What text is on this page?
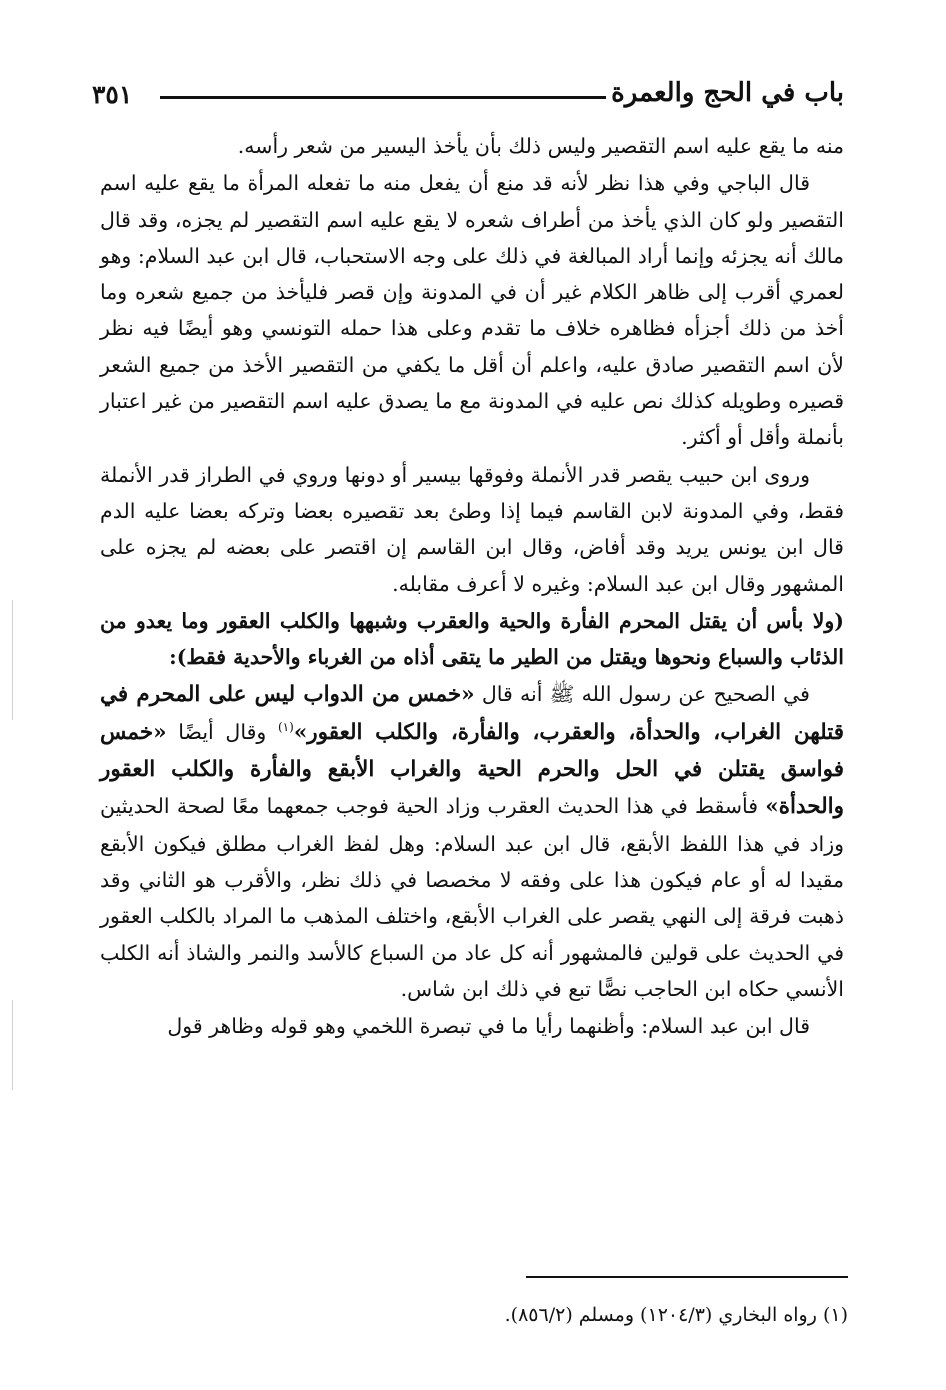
باب في الحج والعمرة
٣٥١

منه ما يقع عليه اسم التقصير وليس ذلك بأن يأخذ اليسير من شعر رأسه.

قال الباجي وفي هذا نظر لأنه قد منع أن يفعل منه ما تفعله المرأة ما يقع عليه اسم التقصير ولو كان الذي يأخذ من أطراف شعره لا يقع عليه اسم التقصير لم يجزه، وقد قال مالك أنه يجزئه وإنما أراد المبالغة في ذلك على وجه الاستحباب، قال ابن عبد السلام: وهو لعمري أقرب إلى ظاهر الكلام غير أن في المدونة وإن قصر فليأخذ من جميع شعره وما أخذ من ذلك أجزأه فظاهره خلاف ما تقدم وعلى هذا حمله التونسي وهو أيضًا فيه نظر لأن اسم التقصير صادق عليه، واعلم أن أقل ما يكفي من التقصير الأخذ من جميع الشعر قصيره وطويله كذلك نص عليه في المدونة مع ما يصدق عليه اسم التقصير من غير اعتبار بأنملة وأقل أو أكثر.

وروى ابن حبيب يقصر قدر الأنملة وفوقها بيسير أو دونها وروي في الطراز قدر الأنملة فقط، وفي المدونة لابن القاسم فيما إذا وطئ بعد تقصيره بعضا وتركه بعضا عليه الدم قال ابن يونس يريد وقد أفاض، وقال ابن القاسم إن اقتصر على بعضه لم يجزه على المشهور وقال ابن عبد السلام: وغيره لا أعرف مقابله.

(ولا بأس أن يقتل المحرم الفأرة والحية والعقرب وشبهها والكلب العقور وما يعدو من الذئاب والسباع ونحوها ويقتل من الطير ما يتقى أذاه من الغرباء والأحدية فقط):

في الصحيح عن رسول الله ﷺ أنه قال «خمس من الدواب ليس على المحرم في قتلهن الغراب، والحدأة، والعقرب، والفأرة، والكلب العقور»$^{(١)}$ وقال أيضًا «خمس فواسق يقتلن في الحل والحرم الحية والغراب الأبقع والفأرة والكلب العقور والحدأة» فأسقط في هذا الحديث العقرب وزاد الحية فوجب جمعهما معًا لصحة الحديثين وزاد في هذا اللفظ الأبقع، قال ابن عبد السلام: وهل لفظ الغراب مطلق فيكون الأبقع مقيدا له أو عام فيكون هذا على وفقه لا مخصصا في ذلك نظر، والأقرب هو الثاني وقد ذهبت فرقة إلى النهي يقصر على الغراب الأبقع، واختلف المذهب ما المراد بالكلب العقور في الحديث على قولين فالمشهور أنه كل عاد من السباع كالأسد والنمر والشاذ أنه الكلب الأنسي حكاه ابن الحاجب نصًّا تبع في ذلك ابن شاس.

قال ابن عبد السلام: وأظنهما رأيا ما في تبصرة اللخمي وهو قوله وظاهر قول

(١) رواه البخاري (١٢٠٤/٣) ومسلم (٨٥٦/٢).
